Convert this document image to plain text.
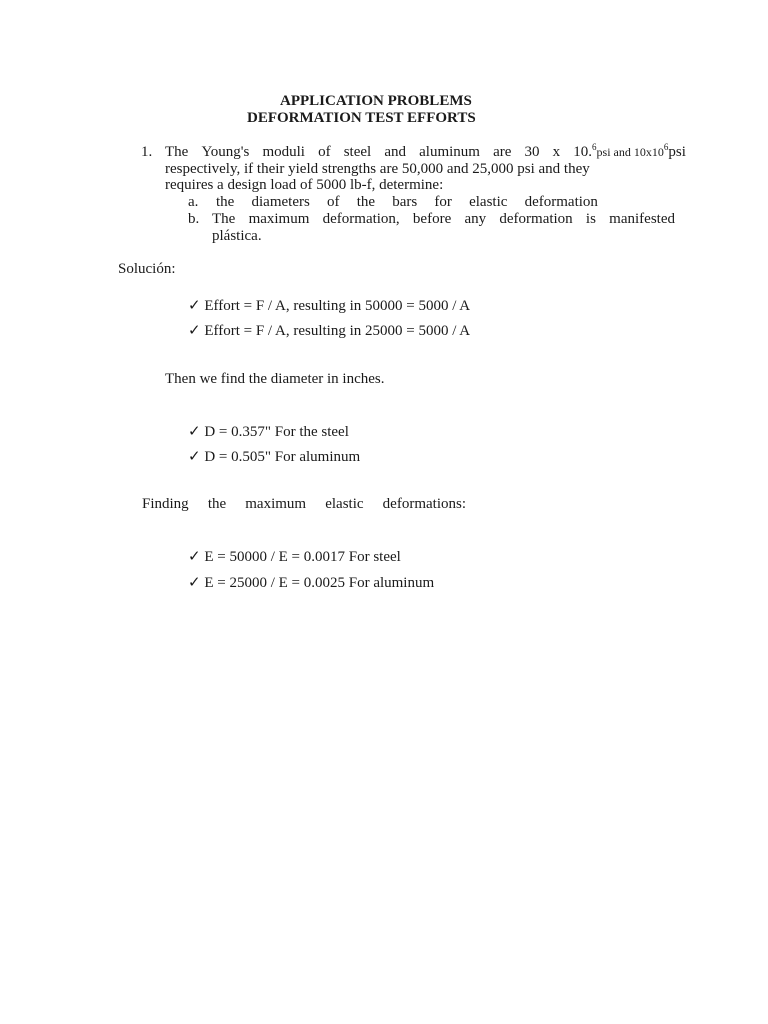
APPLICATION PROBLEMS
DEFORMATION TEST EFFORTS
1. The Young's moduli of steel and aluminum are 30 x 10.$^6$psi and $10x10^6psi$
respectively, if their yield strengths are 50,000 and 25,000 psi and they
requires a design load of 5000 lb-f, determine:
a. the diameters of the bars for elastic deformation
b. The maximum deformation, before any deformation is manifested
plástica.
Solución:
✓ Effort = F / A, resulting in 50000 = 5000 / A
✓ Effort = F / A, resulting in 25000 = 5000 / A
Then we find the diameter in inches.
✓ D = 0.357" For the steel
✓ D = 0.505" For aluminum
Finding the maximum elastic deformations:
✓ E = 50000 / E = 0.0017 For steel
✓ E = 25000 / E = 0.0025 For aluminum
